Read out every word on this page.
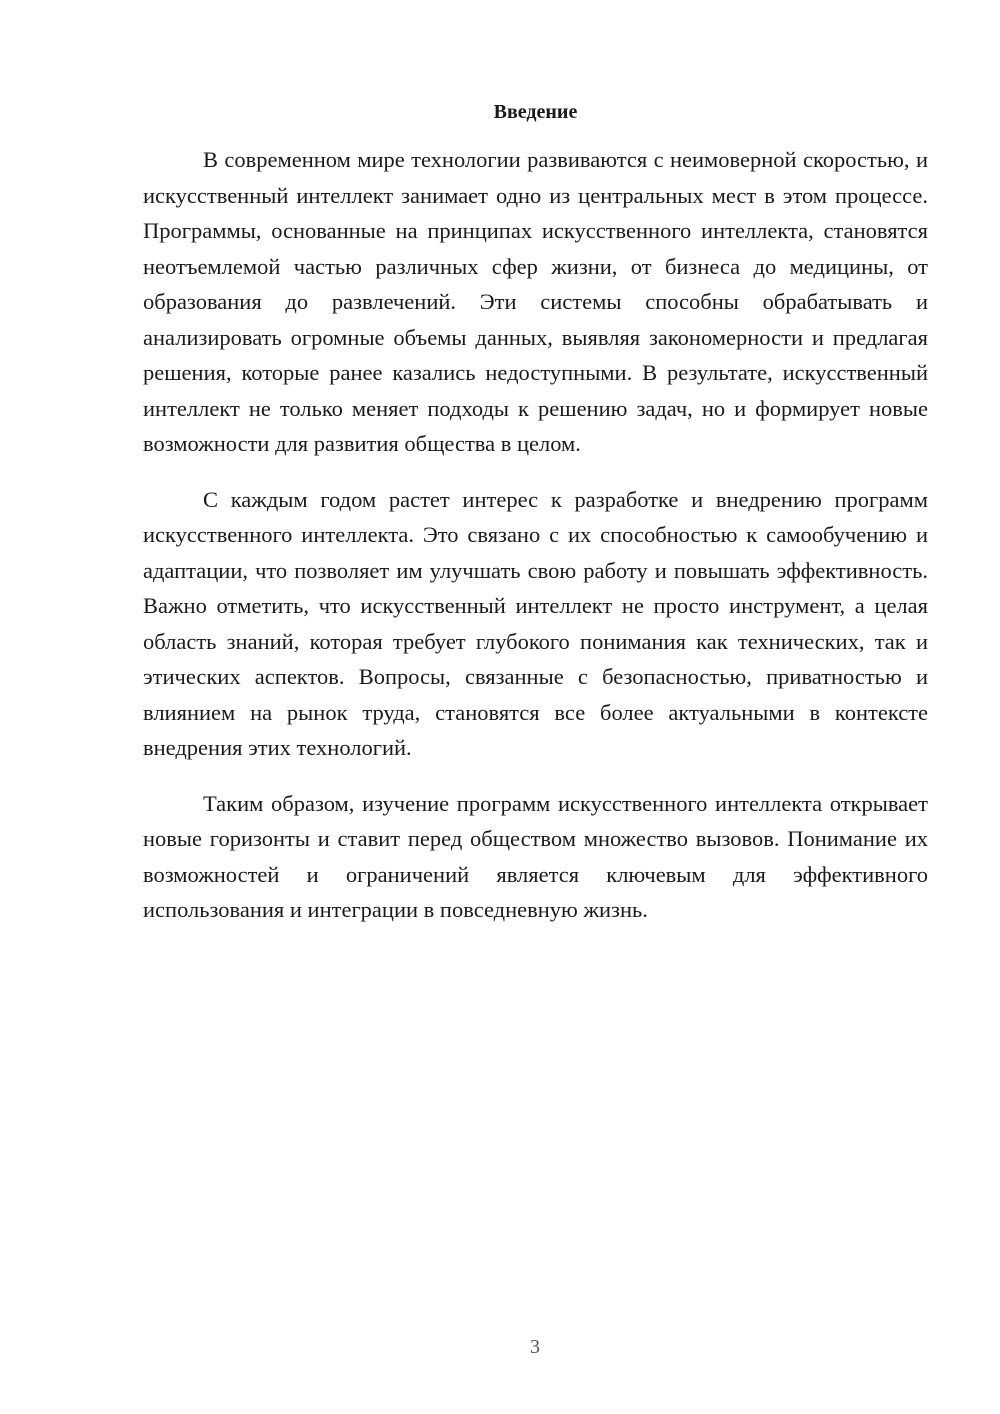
Введение

В современном мире технологии развиваются с неимоверной скоростью, и искусственный интеллект занимает одно из центральных мест в этом процессе. Программы, основанные на принципах искусственного интеллекта, становятся неотъемлемой частью различных сфер жизни, от бизнеса до медицины, от образования до развлечений. Эти системы способны обрабатывать и анализировать огромные объемы данных, выявляя закономерности и предлагая решения, которые ранее казались недоступными. В результате, искусственный интеллект не только меняет подходы к решению задач, но и формирует новые возможности для развития общества в целом.

С каждым годом растет интерес к разработке и внедрению программ искусственного интеллекта. Это связано с их способностью к самообучению и адаптации, что позволяет им улучшать свою работу и повышать эффективность. Важно отметить, что искусственный интеллект не просто инструмент, а целая область знаний, которая требует глубокого понимания как технических, так и этических аспектов. Вопросы, связанные с безопасностью, приватностью и влиянием на рынок труда, становятся все более актуальными в контексте внедрения этих технологий.

Таким образом, изучение программ искусственного интеллекта открывает новые горизонты и ставит перед обществом множество вызовов. Понимание их возможностей и ограничений является ключевым для эффективного использования и интеграции в повседневную жизнь.

3
